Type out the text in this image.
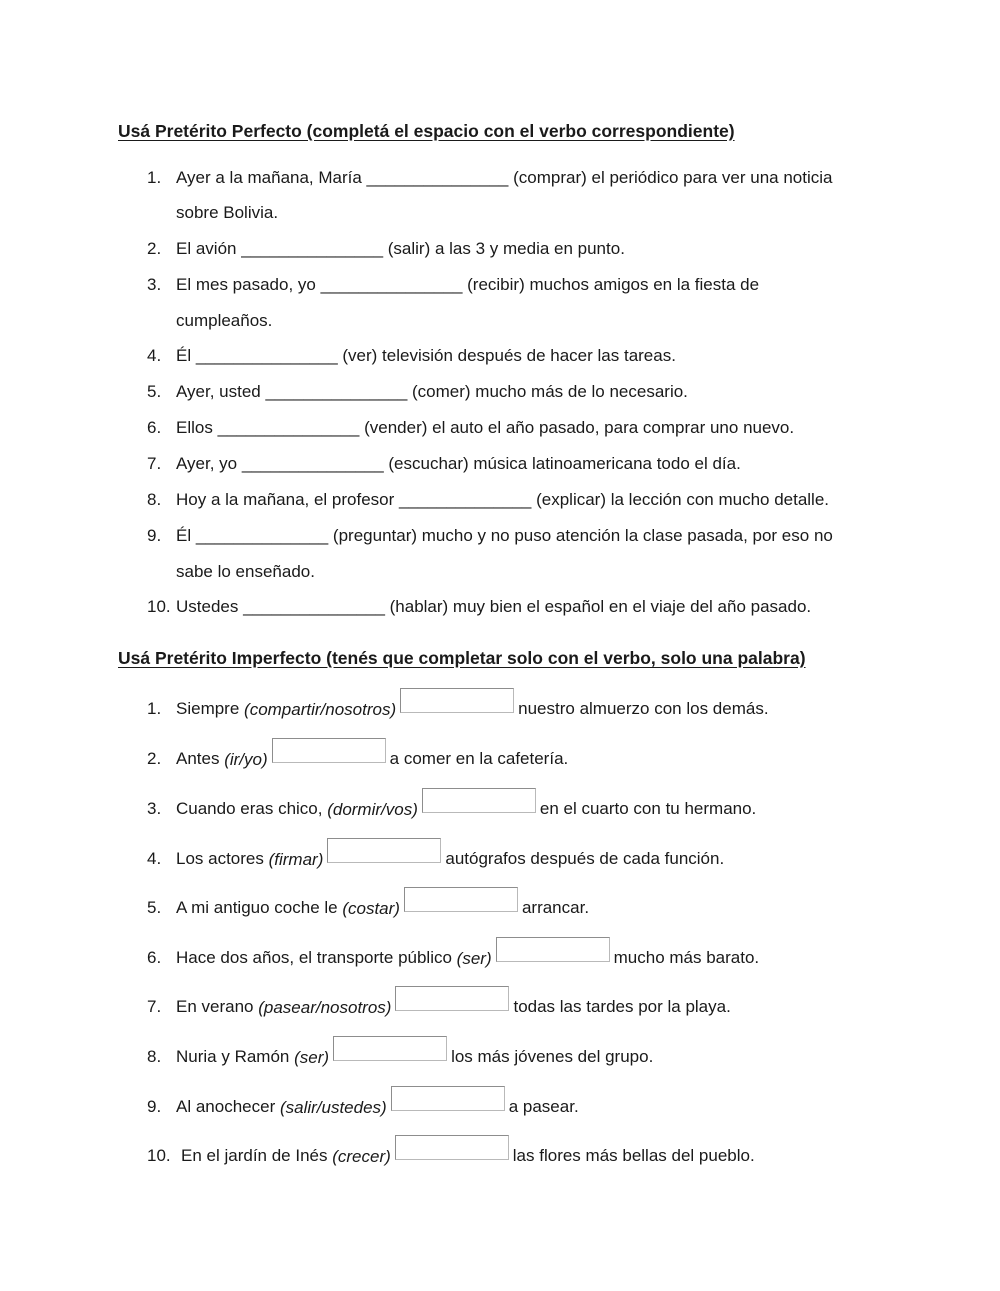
Usá Pretérito Perfecto (completá el espacio con el verbo correspondiente)
1. Ayer a la mañana, María _______________ (comprar) el periódico para ver una noticia
sobre Bolivia.
2. El avión _______________ (salir) a las 3 y media en punto.
3. El mes pasado, yo _______________ (recibir) muchos amigos en la fiesta de
cumpleaños.
4. Él _______________ (ver) televisión después de hacer las tareas.
5. Ayer, usted _______________ (comer) mucho más de lo necesario.
6. Ellos _______________ (vender) el auto el año pasado, para comprar uno nuevo.
7. Ayer, yo _______________ (escuchar) música latinoamericana todo el día.
8. Hoy a la mañana, el profesor ______________ (explicar) la lección con mucho detalle.
9. Él ______________ (preguntar) mucho y no puso atención la clase pasada, por eso no
sabe lo enseñado.
10. Ustedes _______________ (hablar) muy bien el español en el viaje del año pasado.
Usá Pretérito Imperfecto (tenés que completar solo con el verbo, solo una palabra)
1. Siempre (compartir/nosotros)	nuestro almuerzo con los demás.
2. Antes (ir/yo)	a comer en la cafetería.
3. Cuando eras chico, (dormir/vos)	en el cuarto con tu hermano.
4. Los actores (firmar)	autógrafos después de cada función.
5. A mi antiguo coche le (costar)	arrancar.
6. Hace dos años, el transporte público (ser)	mucho más barato.
7. En verano (pasear/nosotros)	todas las tardes por la playa.
8. Nuria y Ramón (ser)	los más jóvenes del grupo.
9. Al anochecer (salir/ustedes)	a pasear.
10. En el jardín de Inés (crecer)	las flores más bellas del pueblo.
